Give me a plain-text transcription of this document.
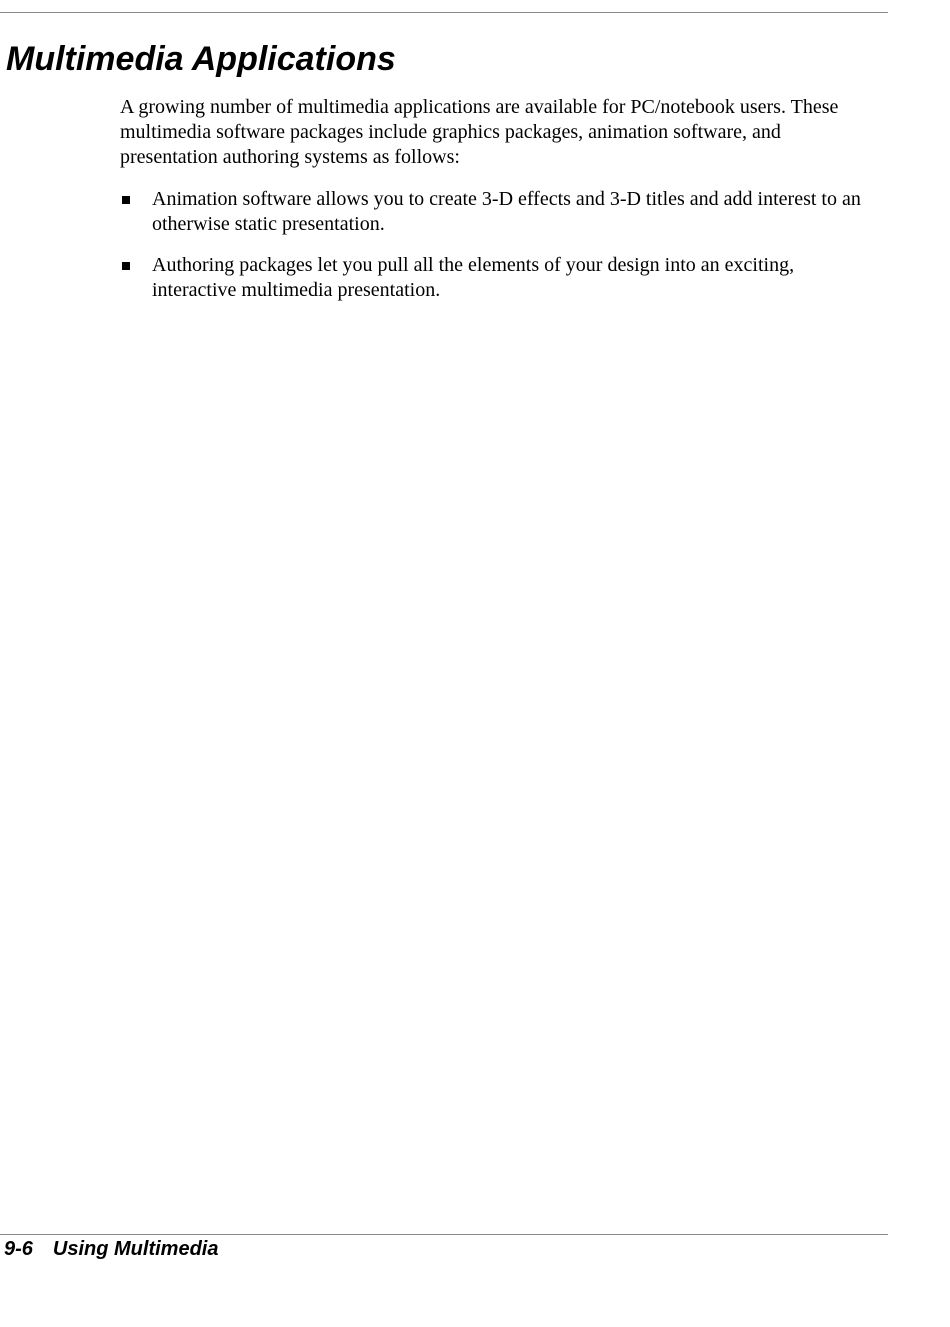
Multimedia Applications

A growing number of multimedia applications are available for PC/notebook users. These multimedia software packages include graphics packages, animation software, and presentation authoring systems as follows:

Animation software allows you to create 3-D effects and 3-D titles and add interest to an otherwise static presentation.
Authoring packages let you pull all the elements of your design into an exciting, interactive multimedia presentation.
9-6 Using Multimedia
